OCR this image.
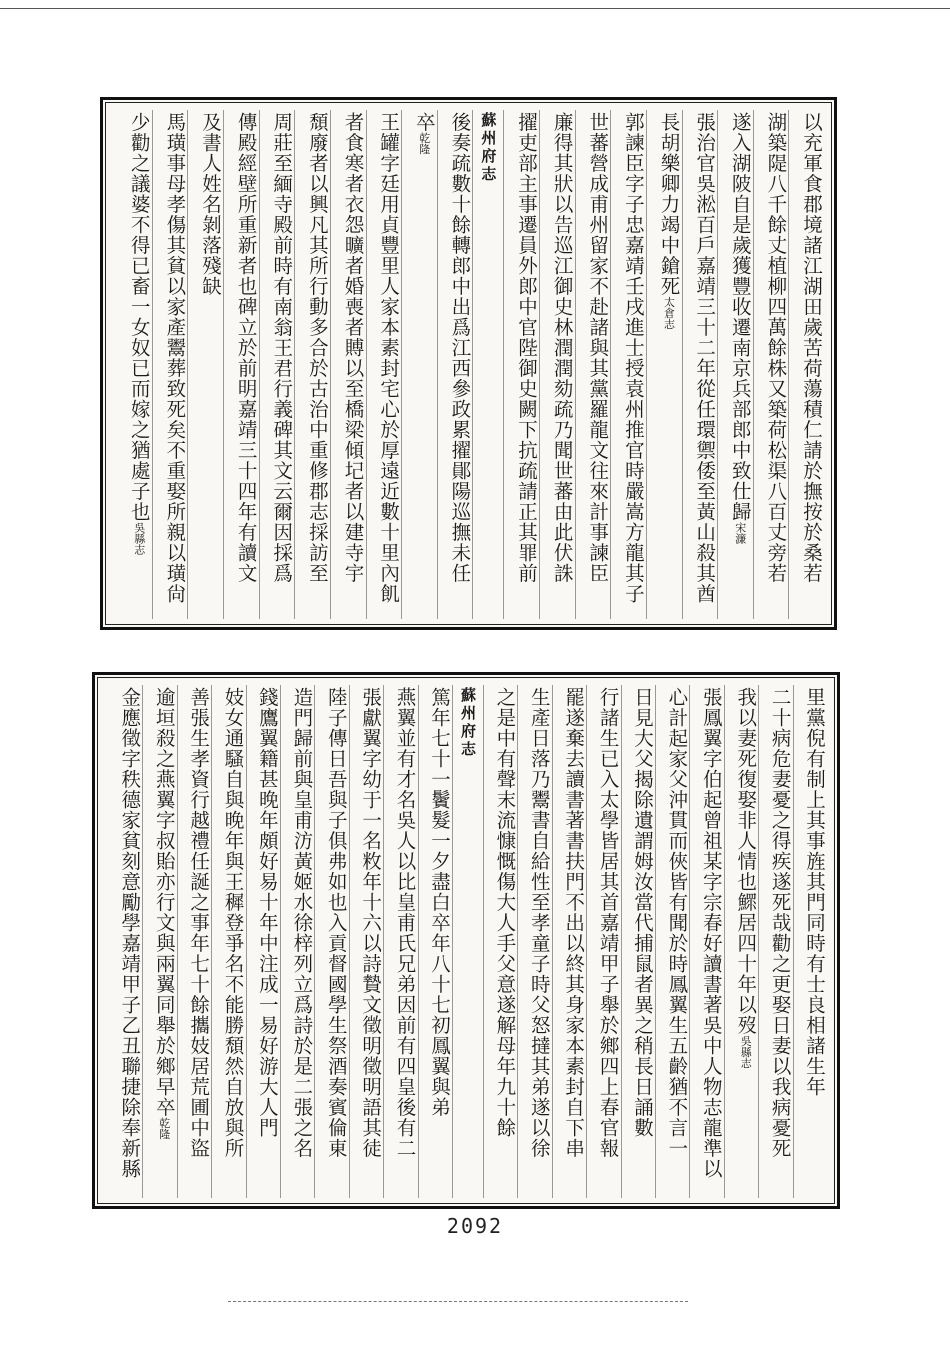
以充軍食郡境諸江湖田歲苦荷蕩積仁請於撫按於桑若
湖築隄八千餘丈植柳四萬餘株又築荷松渠八百丈旁若
遂入湖陂自是歲獲豐收遷南京兵部郎中致仕歸宋濂
張治官吳淞百戶嘉靖三十二年從任環禦倭至黃山殺其酋
長胡樂卿力竭中鎗死太倉志
郭諫臣字子忠嘉靖壬戌進士授袁州推官時嚴嵩方龍其子
世蕃營成甫州留家不赴諸與其黨羅龍文往來計事諫臣
廉得其狀以告巡江御史林潤潤劾疏乃聞世蕃由此伏誅
擢吏部主事遷員外郎中官陛御史闕下抗疏請正其罪前
蘇州府志
後奏疏數十餘轉郎中出爲江西參政累擢鄖陽巡撫未任
卒乾隆
王罐字廷用貞豐里人家本素封宅心於厚遠近數十里內飢
者食寒者衣怨曠者婚喪者賻以至橋梁傾圮者以建寺宇
頹廢者以興凡其所行動多合於古治中重修郡志採訪至
周莊至緬寺殿前時有南翁王君行義碑其文云爾因採爲
傳殿經壁所重新者也碑立於前明嘉靖三十四年有讀文
及書人姓名剝落殘缺
馬璜事母孝傷其貧以家產鬻葬致死矣不重娶所親以璜尙
少勸之議婆不得已畜一女奴已而嫁之猶處子也吳縣志
里黨倪有制上其事旌其門同時有士良相諸生年
二十病危妻憂之得疾遂死哉勸之更娶日妻以我病憂死
我以妻死復娶非人情也鰥居四十年以歿吳縣志
張鳳翼字伯起曾祖某字宗春好讀書著吳中人物志龍準以
心計起家父沖貫而俠皆有聞於時鳳翼生五齡猶不言一
日見大父揭除遺謂姆汝當代捕鼠者異之稍長日誦數
行諸生已入太學皆居其首嘉靖甲子舉於鄉四上春官報
罷遂棄去讀書著書扶門不出以終其身家本素封自下串
生產日落乃鬻書自給性至孝童子時父怒撻其弟遂以徐
之是中有聲末流慷慨傷大人手父意遂解母年九十餘
蘇州府志
篤年七十一鬢髮一夕盡白卒年八十七初鳳翼與弟
燕翼並有才名吳人以比皇甫氏兄弟因前有四皇後有二
張獻翼字幼于一名敉年十六以詩贄文徵明徵明語其徒
陸子傳日吾與子俱弗如也入貢督國學生祭酒奏賓倫東
造門歸前與皇甫汸黃姬水徐梓列立爲詩於是二張之名
錢鷹翼籍甚晚年頗好易十年中注成一易好游大人門
妓女通騷自與晚年與王穉登爭名不能勝頹然自放與所
善張生孝資行越禮任誕之事年七十餘攜妓居荒圃中盜
逾垣殺之燕翼字叔貽亦行文與兩翼同舉於鄉早卒乾隆
金應徵字秩德家貧刻意勵學嘉靖甲子乙丑聯捷除奉新縣
2092
